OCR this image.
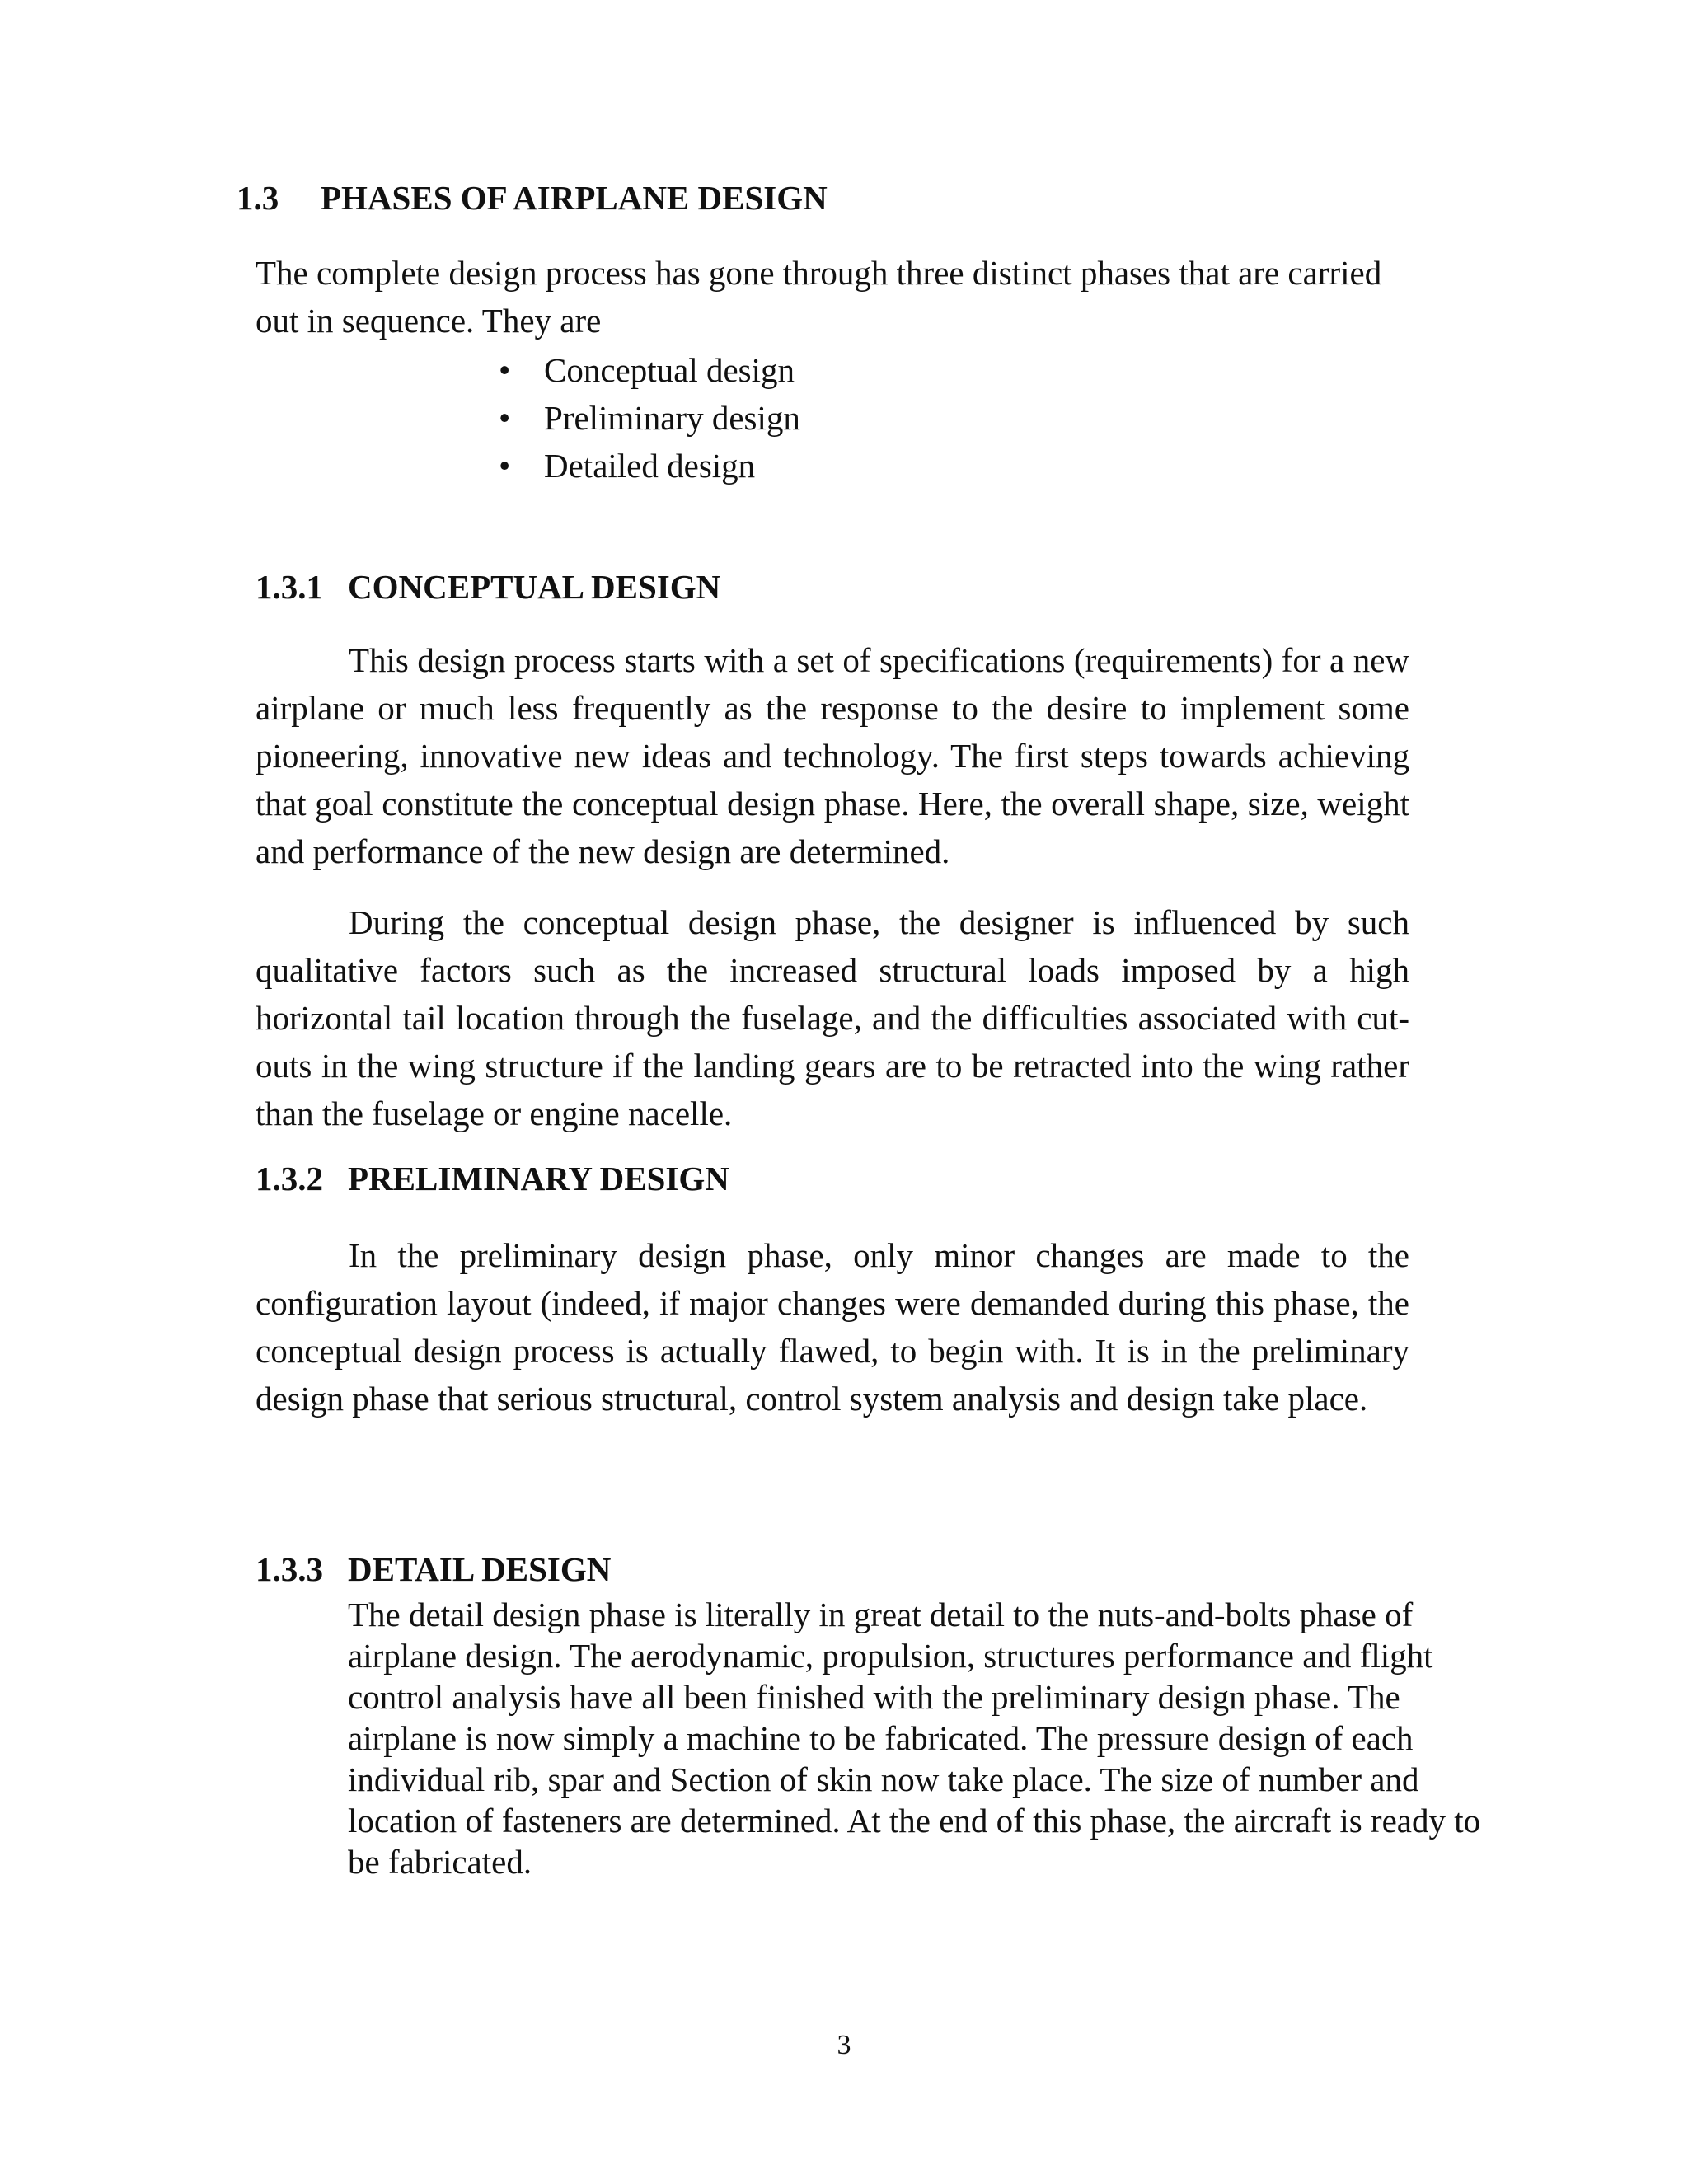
1.3 PHASES OF AIRPLANE DESIGN
The complete design process has gone through three distinct phases that are carried out in sequence. They are
• Conceptual design
• Preliminary design
• Detailed design
1.3.1 CONCEPTUAL DESIGN
This design process starts with a set of specifications (requirements) for a new airplane or much less frequently as the response to the desire to implement some pioneering, innovative new ideas and technology. The first steps towards achieving that goal constitute the conceptual design phase. Here, the overall shape, size, weight and performance of the new design are determined.
During the conceptual design phase, the designer is influenced by such qualitative factors such as the increased structural loads imposed by a high horizontal tail location through the fuselage, and the difficulties associated with cut-outs in the wing structure if the landing gears are to be retracted into the wing rather than the fuselage or engine nacelle.
1.3.2 PRELIMINARY DESIGN
In the preliminary design phase, only minor changes are made to the configuration layout (indeed, if major changes were demanded during this phase, the conceptual design process is actually flawed, to begin with. It is in the preliminary design phase that serious structural, control system analysis and design take place.
1.3.3 DETAIL DESIGN
The detail design phase is literally in great detail to the nuts-and-bolts phase of airplane design. The aerodynamic, propulsion, structures performance and flight control analysis have all been finished with the preliminary design phase. The airplane is now simply a machine to be fabricated. The pressure design of each individual rib, spar and Section of skin now take place. The size of number and location of fasteners are determined. At the end of this phase, the aircraft is ready to be fabricated.
3
